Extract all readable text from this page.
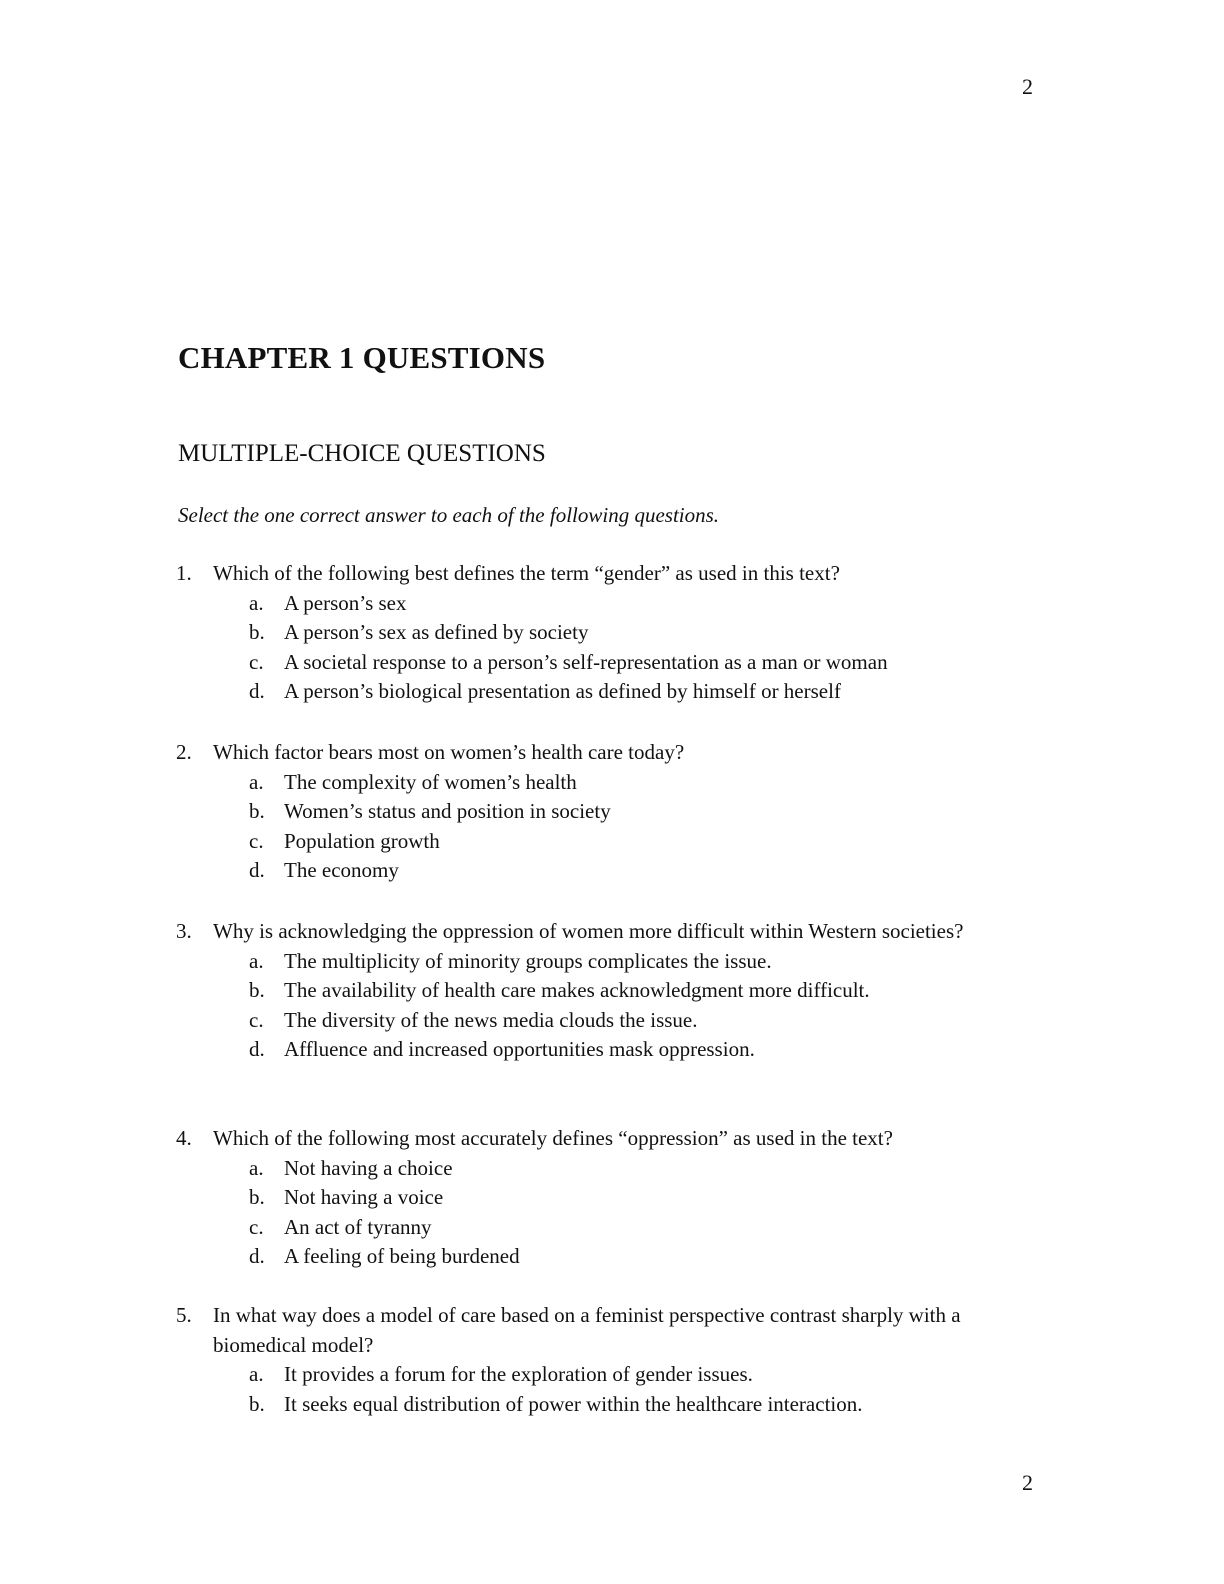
2
CHAPTER 1 QUESTIONS
MULTIPLE-CHOICE QUESTIONS

Select the one correct answer to each of the following questions.

1. Which of the following best defines the term “gender” as used in this text?
a. A person’s sex
b. A person’s sex as defined by society
c. A societal response to a person’s self-representation as a man or woman
d. A person’s biological presentation as defined by himself or herself
2. Which factor bears most on women’s health care today?
a. The complexity of women’s health
b. Women’s status and position in society
c. Population growth
d. The economy
3. Why is acknowledging the oppression of women more difficult within Western societies?
a. The multiplicity of minority groups complicates the issue.
b. The availability of health care makes acknowledgment more difficult.
c. The diversity of the news media clouds the issue.
d. Affluence and increased opportunities mask oppression.
4. Which of the following most accurately defines “oppression” as used in the text?
a. Not having a choice
b. Not having a voice
c. An act of tyranny
d. A feeling of being burdened
5. In what way does a model of care based on a feminist perspective contrast sharply with a biomedical model?
a. It provides a forum for the exploration of gender issues.
b. It seeks equal distribution of power within the healthcare interaction.
2
